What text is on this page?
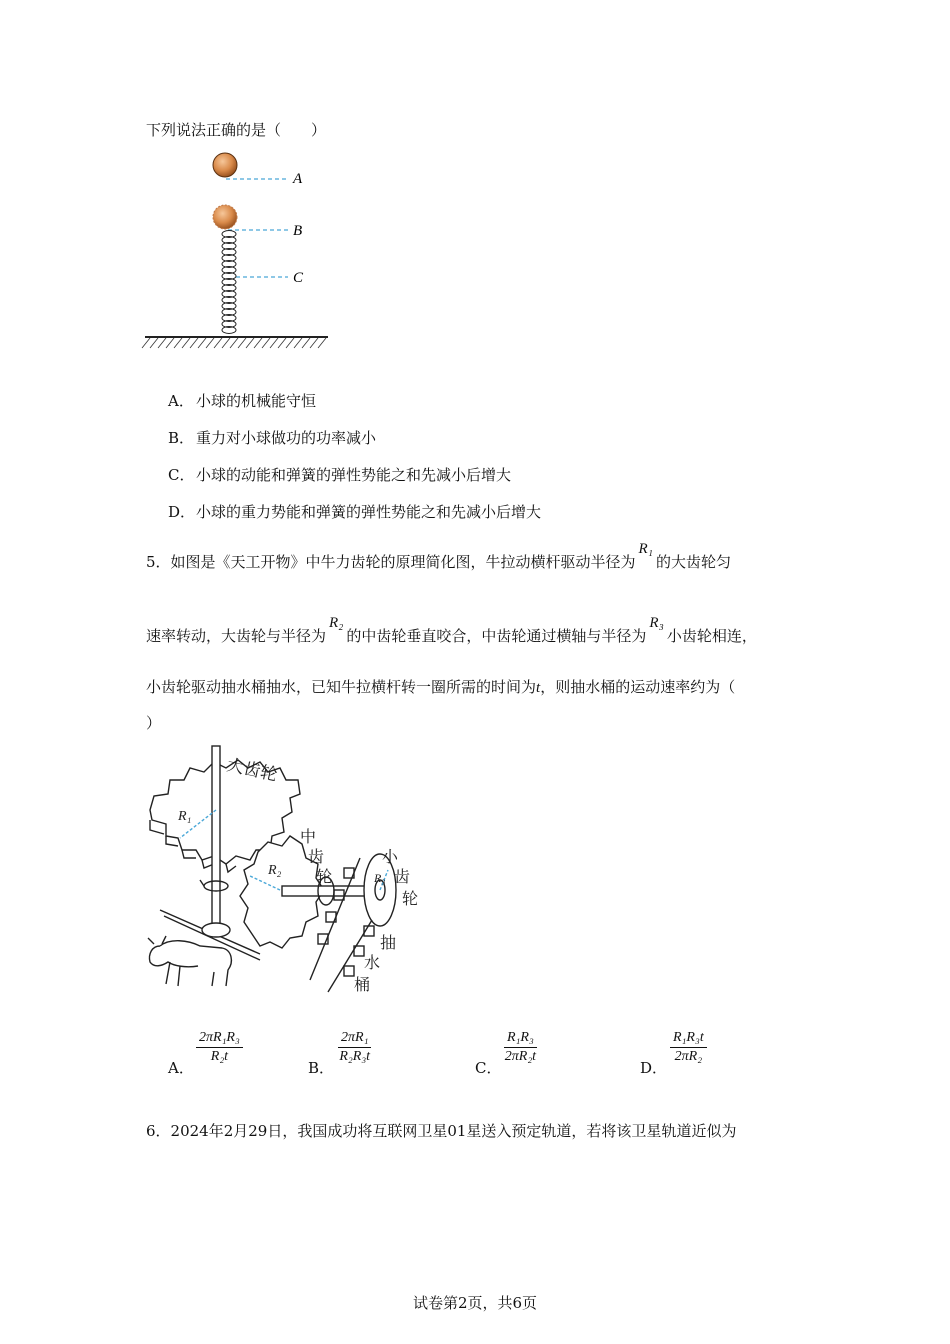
下列说法正确的是（　　）
A
B
C
A． 小球的机械能守恒
B． 重力对小球做功的功率减小
C． 小球的动能和弹簧的弹性势能之和先减小后增大
D．小球的重力势能和弹簧的弹性势能之和先减小后增大
5．如图是《天工开物》中牛力齿轮的原理简化图，牛拉动横杆驱动半径为R₁的大齿轮匀
速率转动，大齿轮与半径为R₂的中齿轮垂直咬合，中齿轮通过横轴与半径为R₃小齿轮相连，
小齿轮驱动抽水桶抽水，已知牛拉横杆转一圈所需的时间为t，则抽水桶的运动速率约为（
）
大齿轮
R₁
中
齿
轮
R₂
小
齿
轮
R₃
抽
水
桶
A．
$\frac{\text{2πR₁R₃}}{\text{R₂t}}$
B．
$\frac{\text{2πR₁}}{\text{R₂R₃t}}$
C．
$\frac{\text{R₁R₃}}{\text{2πR₂t}}$
D．
$\frac{\text{R₁R₃t}}{\text{2πR₂}}$
6．2024年2月29日，我国成功将互联网卫星01星送入预定轨道，若将该卫星轨道近似为
试卷第2页，共6页
